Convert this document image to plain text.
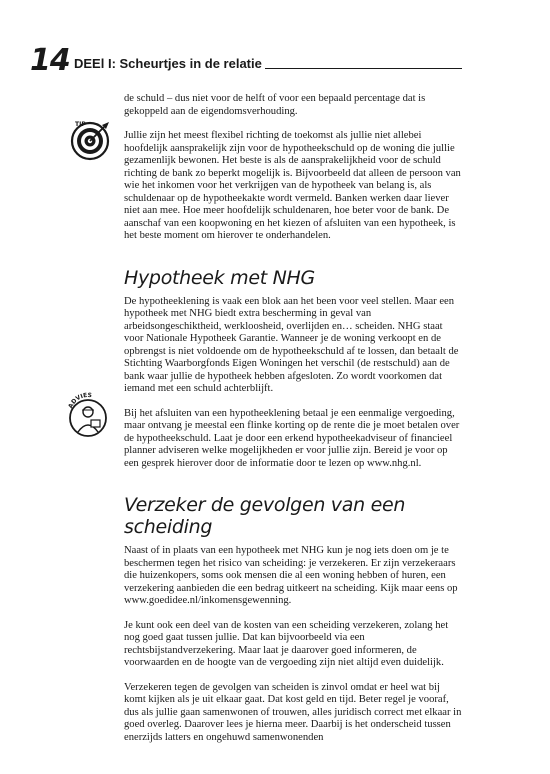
14 DEEl I: Scheurtjes in de relatie
TIP
ADVIES

de schuld – dus niet voor de helft of voor een bepaald percentage dat is gekoppeld aan de eigendomsverhouding.

Jullie zijn het meest flexibel richting de toekomst als jullie niet allebei hoofdelijk aansprakelijk zijn voor de hypotheekschuld op de woning die jullie gezamenlijk bewonen. Het beste is als de aansprakelijkheid voor de schuld richting de bank zo beperkt mogelijk is. Bijvoorbeeld dat alleen de persoon van wie het inkomen voor het verkrijgen van de hypotheek van belang is, als schuldenaar op de hypotheekakte wordt vermeld. Banken werken daar liever niet aan mee. Hoe meer hoofdelijk schuldenaren, hoe beter voor de bank. De aanschaf van een koopwoning en het kiezen of afsluiten van een hypotheek, is het beste moment om hierover te onderhandelen.

Hypotheek met NHG

De hypotheeklening is vaak een blok aan het been voor veel stellen. Maar een hypotheek met NHG biedt extra bescherming in geval van arbeidsongeschiktheid, werkloosheid, overlijden en… scheiden. NHG staat voor Nationale Hypotheek Garantie. Wanneer je de woning verkoopt en de opbrengst is niet voldoende om de hypotheekschuld af te lossen, dan betaalt de Stichting Waarborgfonds Eigen Woningen het verschil (de restschuld) aan de bank waar jullie de hypotheek hebben afgesloten. Zo wordt voorkomen dat iemand met een schuld achterblijft.

Bij het afsluiten van een hypotheeklening betaal je een eenmalige vergoeding, maar ontvang je meestal een flinke korting op de rente die je moet betalen over de hypotheekschuld. Laat je door een erkend hypotheekadviseur of financieel planner adviseren welke mogelijkheden er voor jullie zijn. Bereid je voor op een gesprek hierover door de informatie door te lezen op www.nhg.nl.

Verzeker de gevolgen van een scheiding

Naast of in plaats van een hypotheek met NHG kun je nog iets doen om je te beschermen tegen het risico van scheiding: je verzekeren. Er zijn verzekeraars die huizenkopers, soms ook mensen die al een woning hebben of huren, een verzekering aanbieden die een bedrag uitkeert na scheiding. Kijk maar eens op www.goedidee.nl/inkomensgewenning.

Je kunt ook een deel van de kosten van een scheiding verzekeren, zolang het nog goed gaat tussen jullie. Dat kan bijvoorbeeld via een rechtsbijstandverzekering. Maar laat je daarover goed informeren, de voorwaarden en de hoogte van de vergoeding zijn niet altijd even duidelijk.

Verzekeren tegen de gevolgen van scheiden is zinvol omdat er heel wat bij komt kijken als je uit elkaar gaat. Dat kost geld en tijd. Beter regel je vooraf, dus als jullie gaan samenwonen of trouwen, alles juridisch correct met elkaar in goed overleg. Daarover lees je hierna meer. Daarbij is het onderscheid tussen enerzijds latters en ongehuwd samenwonenden
